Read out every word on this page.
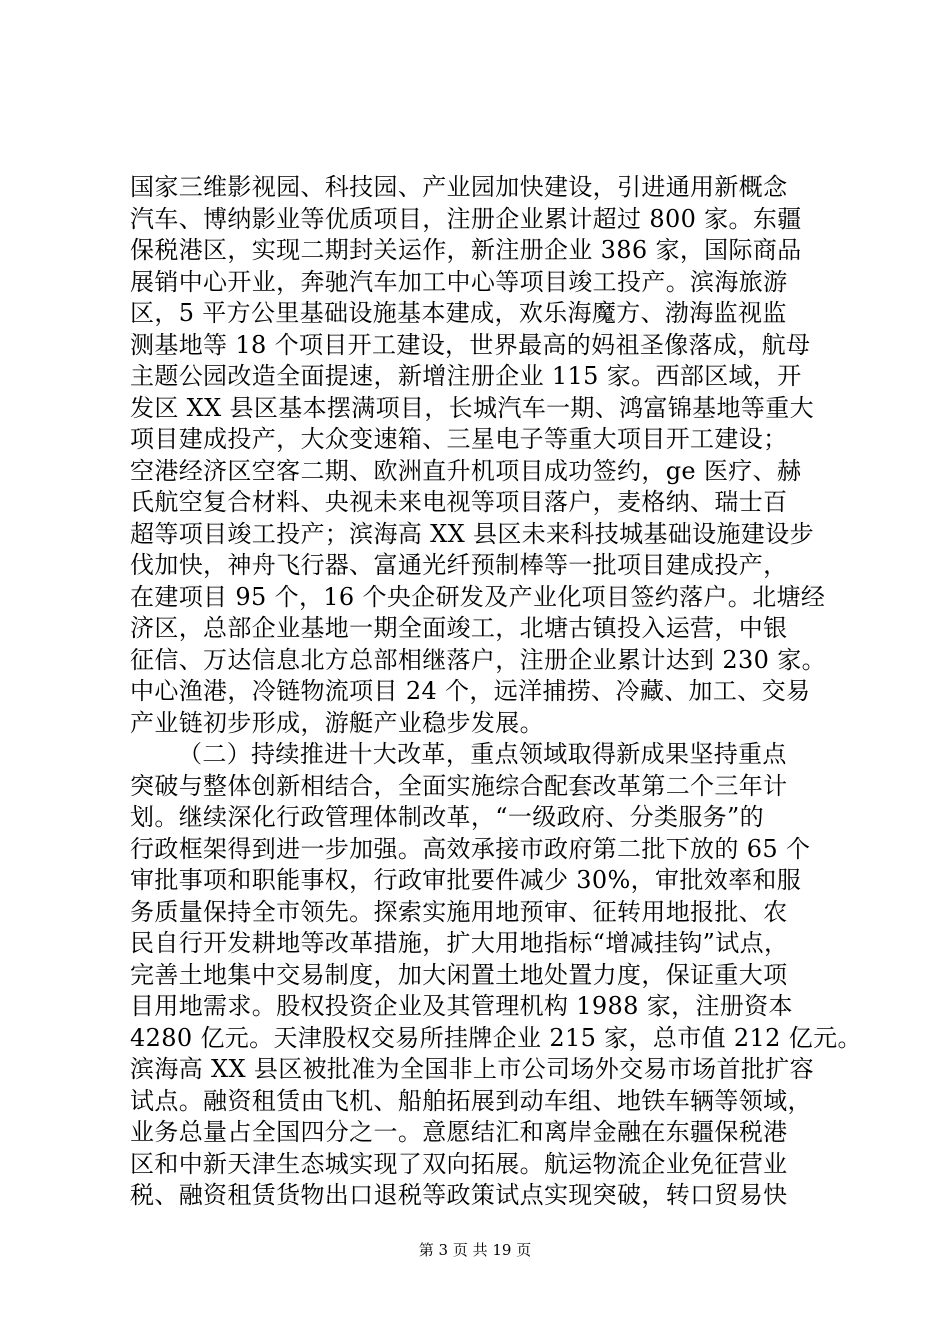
国家三维影视园、科技园、产业园加快建设，引进通用新概念
汽车、博纳影业等优质项目，注册企业累计超过 800 家。东疆
保税港区，实现二期封关运作，新注册企业 386 家，国际商品
展销中心开业，奔驰汽车加工中心等项目竣工投产。滨海旅游
区，5 平方公里基础设施基本建成，欢乐海魔方、渤海监视监
测基地等 18 个项目开工建设，世界最高的妈祖圣像落成，航母
主题公园改造全面提速，新增注册企业 115 家。西部区域，开
发区 XX 县区基本摆满项目，长城汽车一期、鸿富锦基地等重大
项目建成投产，大众变速箱、三星电子等重大项目开工建设；
空港经济区空客二期、欧洲直升机项目成功签约，ge 医疗、赫
氏航空复合材料、央视未来电视等项目落户，麦格纳、瑞士百
超等项目竣工投产；滨海高 XX 县区未来科技城基础设施建设步
伐加快，神舟飞行器、富通光纤预制棒等一批项目建成投产，
在建项目 95 个，16 个央企研发及产业化项目签约落户。北塘经
济区，总部企业基地一期全面竣工，北塘古镇投入运营，中银
征信、万达信息北方总部相继落户，注册企业累计达到 230 家。
中心渔港，冷链物流项目 24 个，远洋捕捞、冷藏、加工、交易
产业链初步形成，游艇产业稳步发展。
（二）持续推进十大改革，重点领域取得新成果坚持重点
突破与整体创新相结合，全面实施综合配套改革第二个三年计
划。继续深化行政管理体制改革，“一级政府、分类服务”的
行政框架得到进一步加强。高效承接市政府第二批下放的 65 个
审批事项和职能事权，行政审批要件减少 30%，审批效率和服
务质量保持全市领先。探索实施用地预审、征转用地报批、农
民自行开发耕地等改革措施，扩大用地指标“增减挂钩”试点，
完善土地集中交易制度，加大闲置土地处置力度，保证重大项
目用地需求。股权投资企业及其管理机构 1988 家，注册资本
4280 亿元。天津股权交易所挂牌企业 215 家，总市值 212 亿元。
滨海高 XX 县区被批准为全国非上市公司场外交易市场首批扩容
试点。融资租赁由飞机、船舶拓展到动车组、地铁车辆等领域，
业务总量占全国四分之一。意愿结汇和离岸金融在东疆保税港
区和中新天津生态城实现了双向拓展。航运物流企业免征营业
税、融资租赁货物出口退税等政策试点实现突破，转口贸易快
第 3 页 共 19 页
